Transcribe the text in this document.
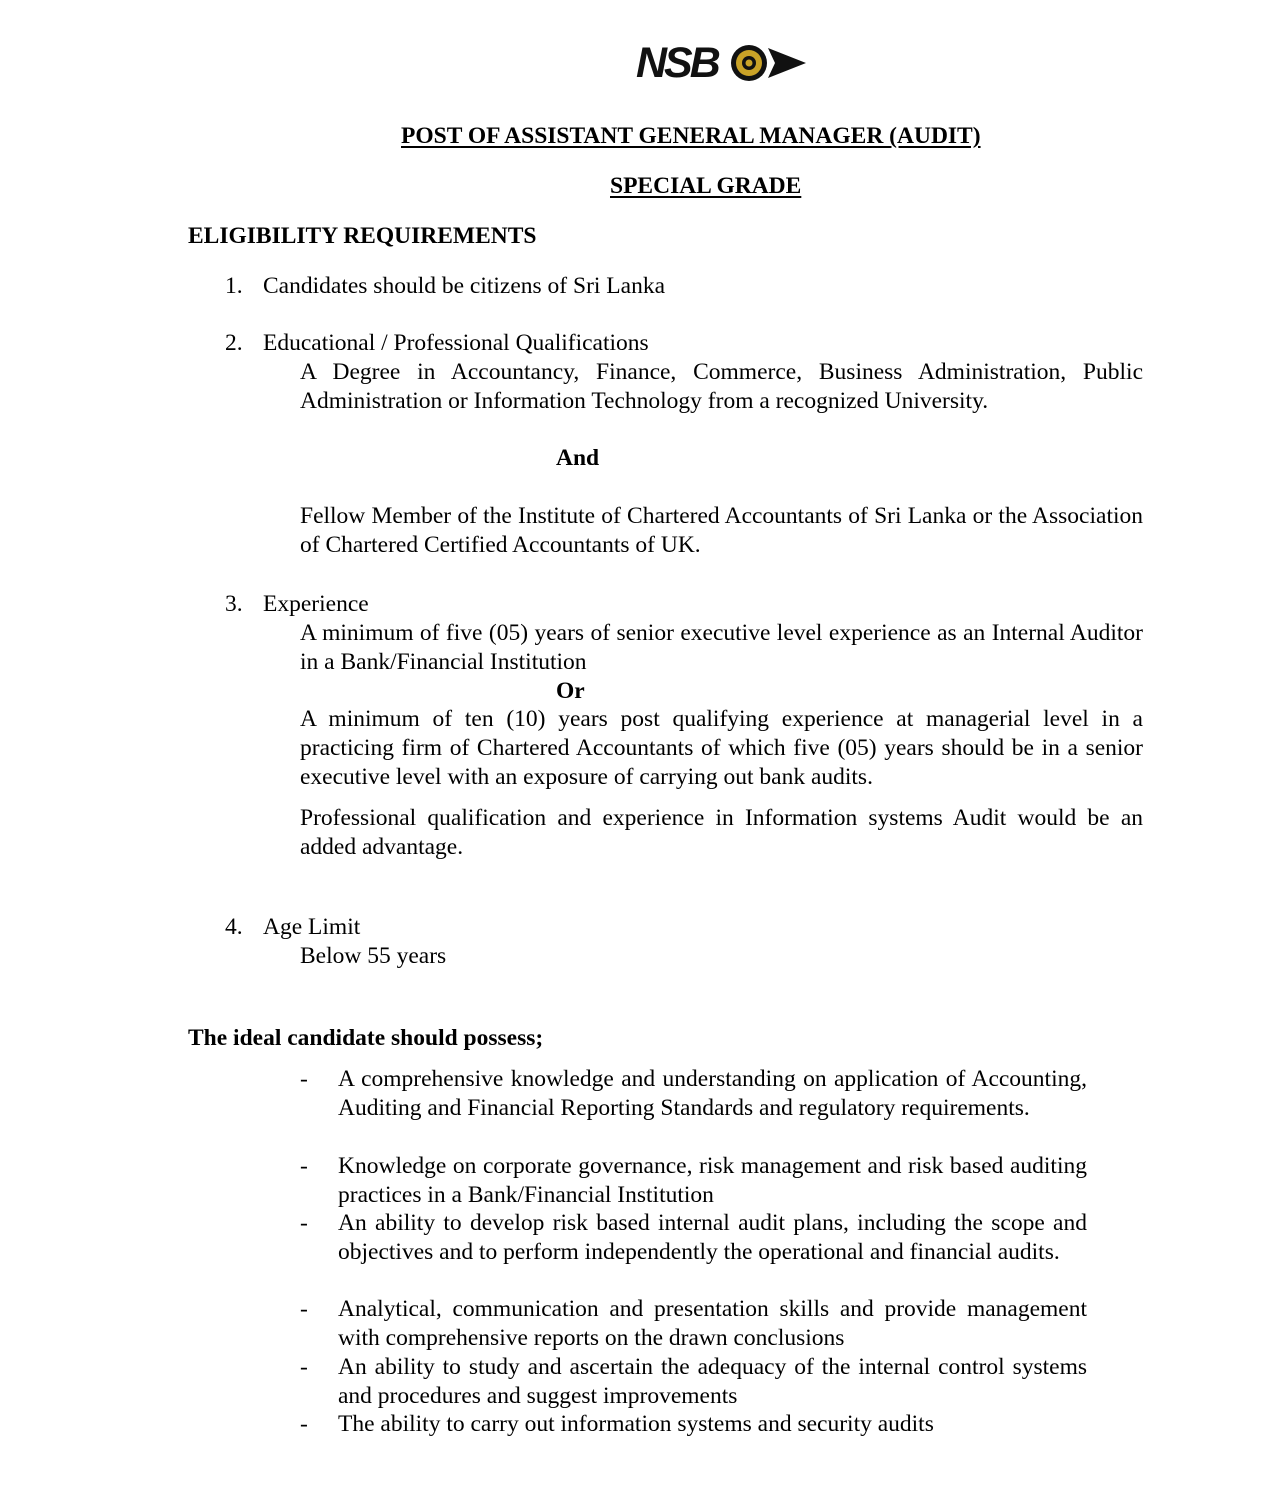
NSB
POST OF ASSISTANT GENERAL MANAGER (AUDIT)
SPECIAL GRADE
ELIGIBILITY REQUIREMENTS
1. Candidates should be citizens of Sri Lanka
2. Educational / Professional Qualifications
A Degree in Accountancy, Finance, Commerce, Business Administration, Public Administration or Information Technology from a recognized University.
And
Fellow Member of the Institute of Chartered Accountants of Sri Lanka or the Association of Chartered Certified Accountants of UK.
3. Experience
A minimum of five (05) years of senior executive level experience as an Internal Auditor in a Bank/Financial Institution
Or
A minimum of ten (10) years post qualifying experience at managerial level in a practicing firm of Chartered Accountants of which five (05) years should be in a senior executive level with an exposure of carrying out bank audits.
Professional qualification and experience in Information systems Audit would be an added advantage.
4. Age Limit
Below 55 years
The ideal candidate should possess;
- A comprehensive knowledge and understanding on application of Accounting, Auditing and Financial Reporting Standards and regulatory requirements.
- Knowledge on corporate governance, risk management and risk based auditing practices in a Bank/Financial Institution
- An ability to develop risk based internal audit plans, including the scope and objectives and to perform independently the operational and financial audits.
- Analytical, communication and presentation skills and provide management with comprehensive reports on the drawn conclusions
- An ability to study and ascertain the adequacy of the internal control systems and procedures and suggest improvements
- The ability to carry out information systems and security audits
